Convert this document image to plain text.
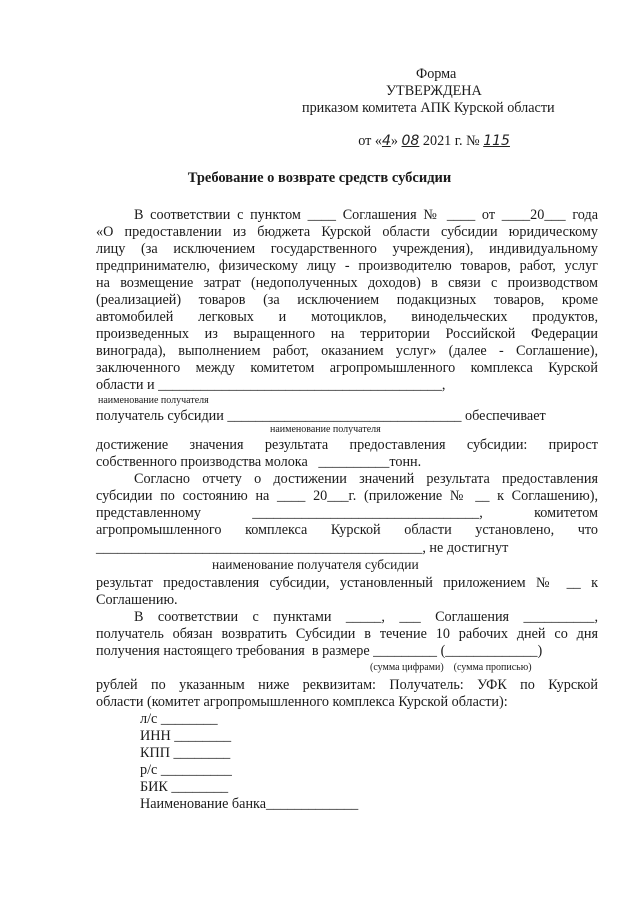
Форма
УТВЕРЖДЕНА
приказом комитета АПК Курской области

от «4» 08 2021 г. № 115

Требование о возврате средств субсидии
В соответствии с пунктом ____ Соглашения № ____ от ____20___ года
«О предоставлении из бюджета Курской области субсидии юридическому
лицу (за исключением государственного учреждения), индивидуальному
предпринимателю, физическому лицу - производителю товаров, работ, услуг
на возмещение затрат (недополученных доходов) в связи с производством
(реализацией) товаров (за исключением подакцизных товаров, кроме
автомобилей легковых и мотоциклов, винодельческих продуктов,
произведенных из выращенного на территории Российской Федерации
винограда), выполнением работ, оказанием услуг» (далее - Соглашение),
заключенного между комитетом агропромышленного комплекса Курской
области и ________________________________________,
наименование получателя
получатель субсидии _________________________________ обеспечивает
наименование получателя
достижение значения результата предоставления субсидии: прирост
собственного производства молока   __________тонн.
Согласно отчету о достижении значений результата предоставления
субсидии по состоянию на ____ 20___г. (приложение № __ к Соглашению),
представленному ________________________________, комитетом
агропромышленного комплекса Курской области установлено, что
______________________________________________, не достигнут
наименование получателя субсидии
результат предоставления субсидии, установленный приложением № __ к
Соглашению.
В соответствии с пунктами _____, ___ Соглашения __________,
получатель обязан возвратить Субсидии в течение 10 рабочих дней со дня
получения настоящего требования  в размере _________ (_____________)
(сумма цифрами)    (сумма прописью)
рублей по указанным ниже реквизитам: Получатель: УФК по Курской
области (комитет агропромышленного комплекса Курской области):
л/с ________
ИНН ________
КПП ________
р/с __________
БИК ________
Наименование банка_____________
